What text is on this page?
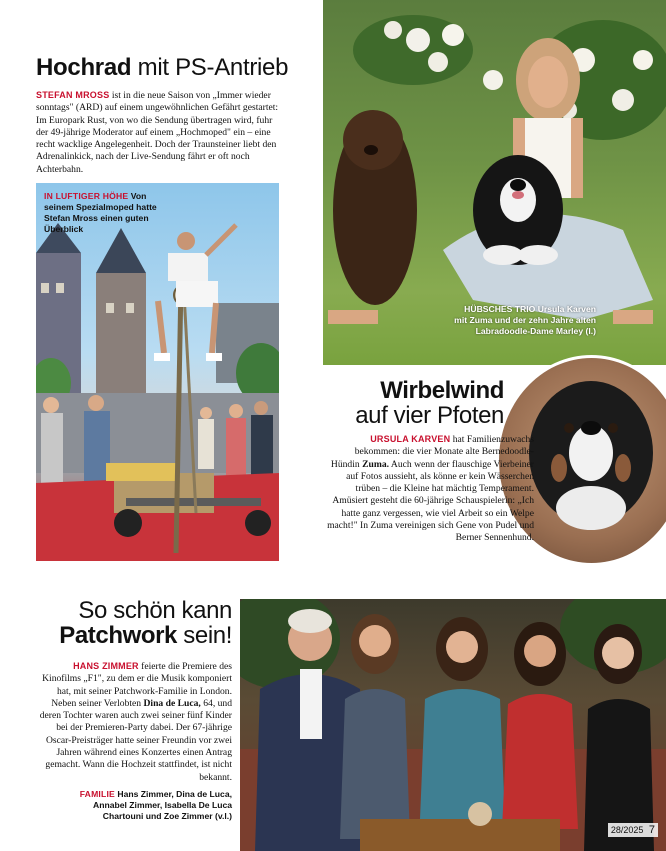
Hochrad mit PS-Antrieb
STEFAN MROSS ist in die neue Saison von „Immer wieder sonntags" (ARD) auf einem ungewöhnlichen Gefährt gestartet: Im Europark Rust, von wo die Sendung übertragen wird, fuhr der 49-jährige Moderator auf einem „Hochmoped" ein – eine recht wacklige Angelegenheit. Doch der Traunsteiner liebt den Adrenalinkick, nach der Live-Sendung fährt er oft noch Achterbahn.
IN LUFTIGER HÖHE Von seinem Spezialmoped hatte Stefan Mross einen guten Überblick
HÜBSCHES TRIO Ursula Karven mit Zuma und der zehn Jahre alten Labradoodle-Dame Marley (l.)
Wirbelwind
auf vier Pfoten
URSULA KARVEN hat Familienzuwachs bekommen: die vier Monate alte Bernedoodle-Hündin Zuma. Auch wenn der flauschige Vierbeiner auf Fotos aussieht, als könne er kein Wässerchen trüben – die Kleine hat mächtig Temperament. Amüsiert gesteht die 60-jährige Schauspielerin: „Ich hatte ganz vergessen, wie viel Arbeit so ein Welpe macht!" In Zuma vereinigen sich Gene von Pudel und Berner Sennenhund.
So schön kann
Patchwork sein!
HANS ZIMMER feierte die Premiere des Kinofilms „F1", zu dem er die Musik komponiert hat, mit seiner Patchwork-Familie in London. Neben seiner Verlobten Dina de Luca, 64, und deren Tochter waren auch zwei seiner fünf Kinder bei der Premieren-Party dabei. Der 67-jährige Oscar-Preisträger hatte seiner Freundin vor zwei Jahren während eines Konzertes einen Antrag gemacht. Wann die Hochzeit stattfindet, ist nicht bekannt.
FAMILIE Hans Zimmer, Dina de Luca, Annabel Zimmer, Isabella De Luca Chartouni und Zoe Zimmer (v.l.)
28/2025 7
